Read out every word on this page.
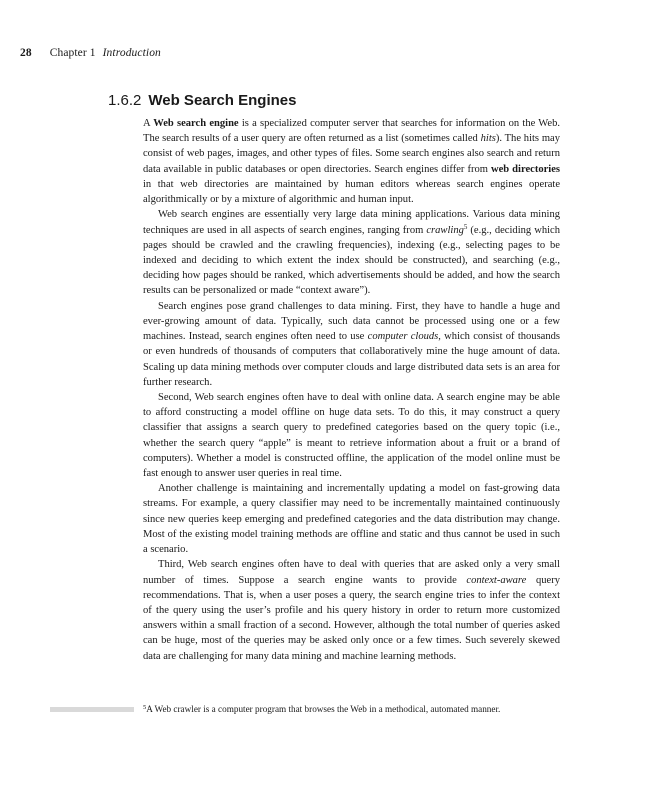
28 Chapter 1 Introduction
1.6.2 Web Search Engines

A Web search engine is a specialized computer server that searches for information on the Web. The search results of a user query are often returned as a list (sometimes called hits). The hits may consist of web pages, images, and other types of files. Some search engines also search and return data available in public databases or open directories. Search engines differ from web directories in that web directories are maintained by human editors whereas search engines operate algorithmically or by a mixture of algorithmic and human input.

Web search engines are essentially very large data mining applications. Various data mining techniques are used in all aspects of search engines, ranging from crawling$^5$ (e.g., deciding which pages should be crawled and the crawling frequencies), indexing (e.g., selecting pages to be indexed and deciding to which extent the index should be constructed), and searching (e.g., deciding how pages should be ranked, which advertisements should be added, and how the search results can be personalized or made “context aware”).

Search engines pose grand challenges to data mining. First, they have to handle a huge and ever-growing amount of data. Typically, such data cannot be processed using one or a few machines. Instead, search engines often need to use computer clouds, which consist of thousands or even hundreds of thousands of computers that collaboratively mine the huge amount of data. Scaling up data mining methods over computer clouds and large distributed data sets is an area for further research.

Second, Web search engines often have to deal with online data. A search engine may be able to afford constructing a model offline on huge data sets. To do this, it may construct a query classifier that assigns a search query to predefined categories based on the query topic (i.e., whether the search query “apple” is meant to retrieve information about a fruit or a brand of computers). Whether a model is constructed offline, the application of the model online must be fast enough to answer user queries in real time.

Another challenge is maintaining and incrementally updating a model on fast-growing data streams. For example, a query classifier may need to be incrementally maintained continuously since new queries keep emerging and predefined categories and the data distribution may change. Most of the existing model training methods are offline and static and thus cannot be used in such a scenario.

Third, Web search engines often have to deal with queries that are asked only a very small number of times. Suppose a search engine wants to provide context-aware query recommendations. That is, when a user poses a query, the search engine tries to infer the context of the query using the user’s profile and his query history in order to return more customized answers within a small fraction of a second. However, although the total number of queries asked can be huge, most of the queries may be asked only once or a few times. Such severely skewed data are challenging for many data mining and machine learning methods.

$^5$A Web crawler is a computer program that browses the Web in a methodical, automated manner.
